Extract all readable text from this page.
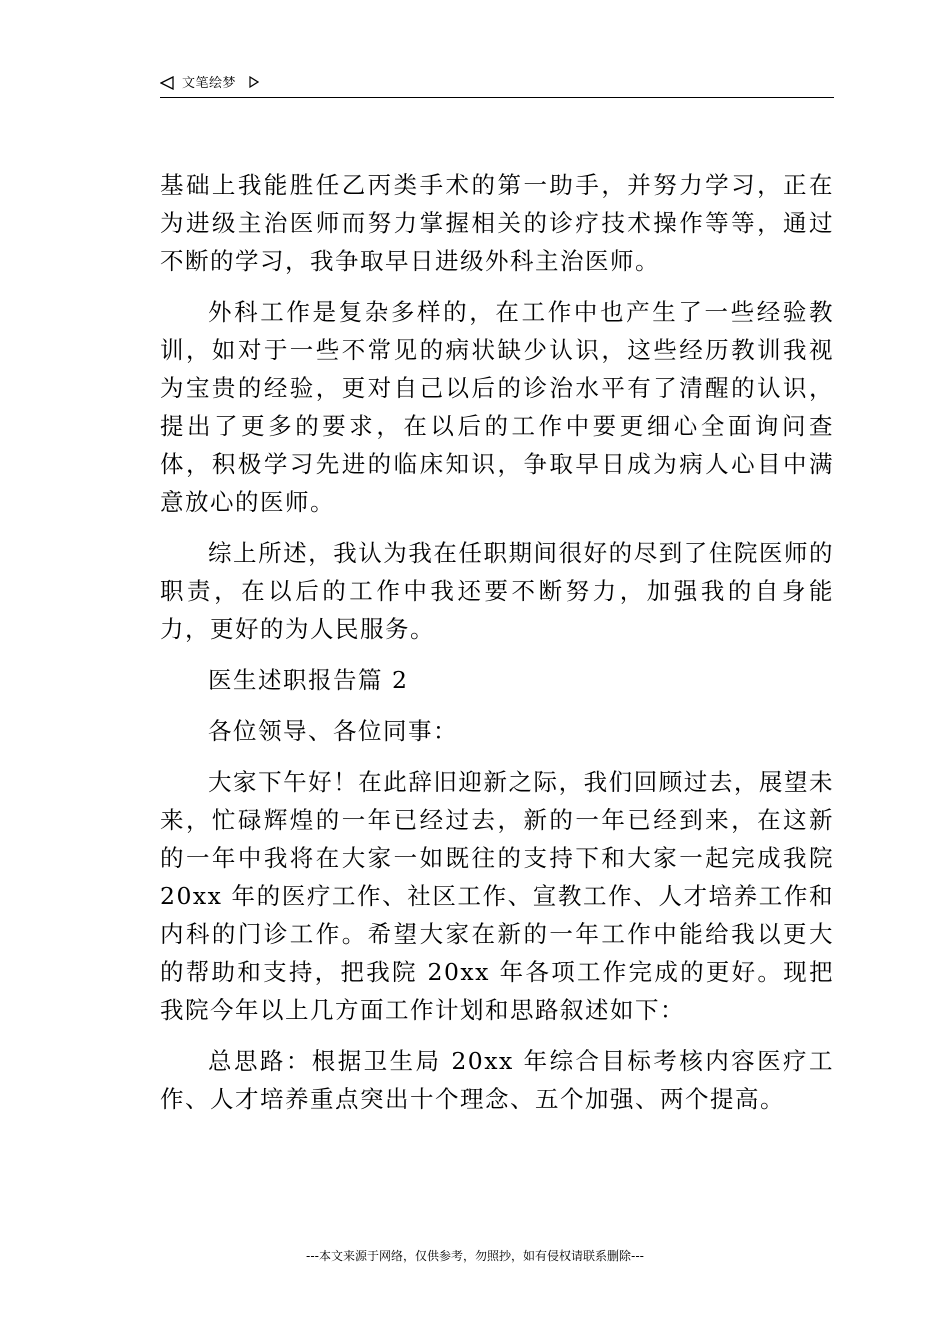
文笔绘梦

基础上我能胜任乙丙类手术的第一助手，并努力学习，正在为进级主治医师而努力掌握相关的诊疗技术操作等等，通过不断的学习，我争取早日进级外科主治医师。

外科工作是复杂多样的，在工作中也产生了一些经验教训，如对于一些不常见的病状缺少认识，这些经历教训我视为宝贵的经验，更对自己以后的诊治水平有了清醒的认识，提出了更多的要求，在以后的工作中要更细心全面询问查体，积极学习先进的临床知识，争取早日成为病人心目中满意放心的医师。

综上所述，我认为我在任职期间很好的尽到了住院医师的职责，在以后的工作中我还要不断努力，加强我的自身能力，更好的为人民服务。

医生述职报告篇 2

各位领导、各位同事：

大家下午好！在此辞旧迎新之际，我们回顾过去，展望未来，忙碌辉煌的一年已经过去，新的一年已经到来，在这新的一年中我将在大家一如既往的支持下和大家一起完成我院 20xx 年的医疗工作、社区工作、宣教工作、人才培养工作和内科的门诊工作。希望大家在新的一年工作中能给我以更大的帮助和支持，把我院 20xx 年各项工作完成的更好。现把我院今年以上几方面工作计划和思路叙述如下：

总思路：根据卫生局 20xx 年综合目标考核内容医疗工作、人才培养重点突出十个理念、五个加强、两个提高。

---本文来源于网络，仅供参考，勿照抄，如有侵权请联系删除---
